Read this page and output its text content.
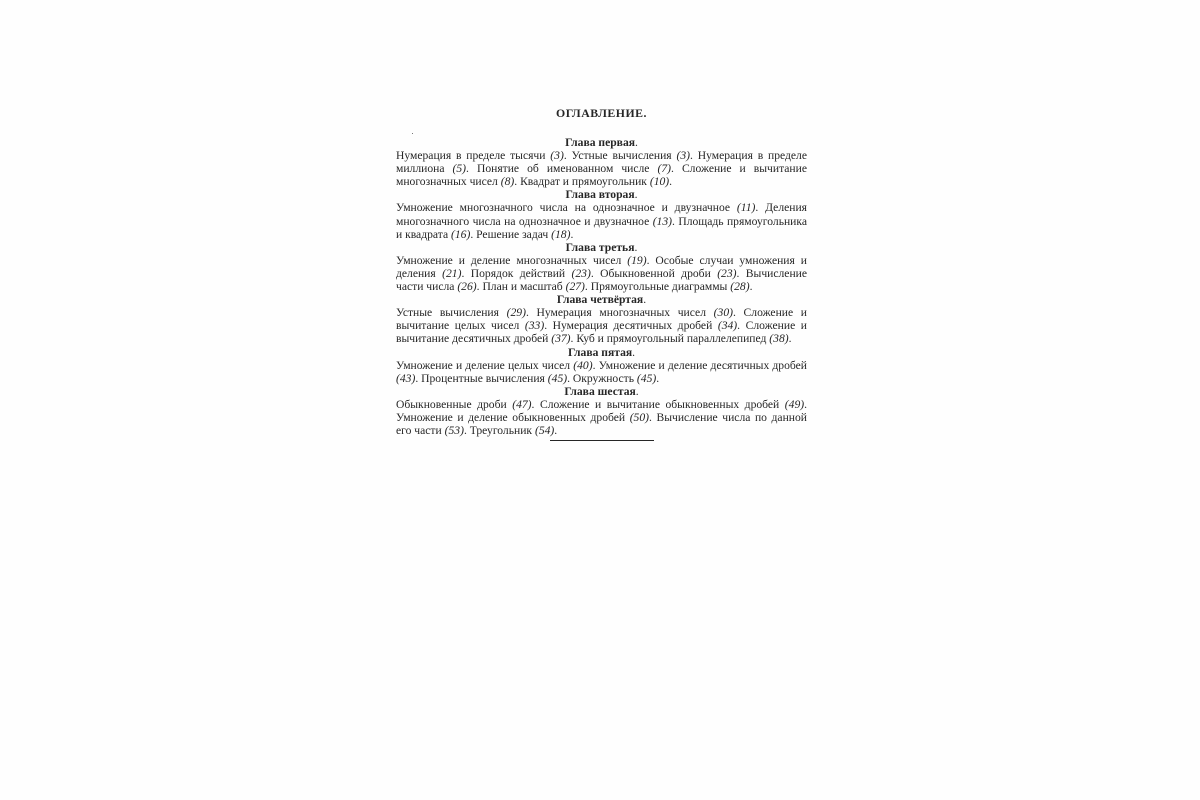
ОГЛАВЛЕНИЕ.
Глава первая.
Нумерация в пределе тысячи (3). Устные вычисления (3). Нумерация в пределе миллиона (5). Понятие об именованном числе (7). Сложение и вычитание многозначных чисел (8). Квадрат и прямоугольник (10).
Глава вторая.
Умножение многозначного числа на однозначное и двузначное (11). Деления многозначного числа на однозначное и двузначное (13). Площадь прямоугольника и квадрата (16). Решение задач (18).
Глава третья.
Умножение и деление многозначных чисел (19). Особые случаи умножения и деления (21). Порядок действий (23). Обыкновенной дроби (23). Вычисление части числа (26). План и масштаб (27). Прямоугольные диаграммы (28).
Глава четвёртая.
Устные вычисления (29). Нумерация многозначных чисел (30). Сложение и вычитание целых чисел (33). Нумерация десятичных дробей (34). Сложение и вычитание десятичных дробей (37). Куб и прямоугольный параллелепипед (38).
Глава пятая.
Умножение и деление целых чисел (40). Умножение и деление десятичных дробей (43). Процентные вычисления (45). Окружность (45).
Глава шестая.
Обыкновенные дроби (47). Сложение и вычитание обыкновенных дробей (49). Умножение и деление обыкновенных дробей (50). Вычисление числа по данной его части (53). Треугольник (54).
